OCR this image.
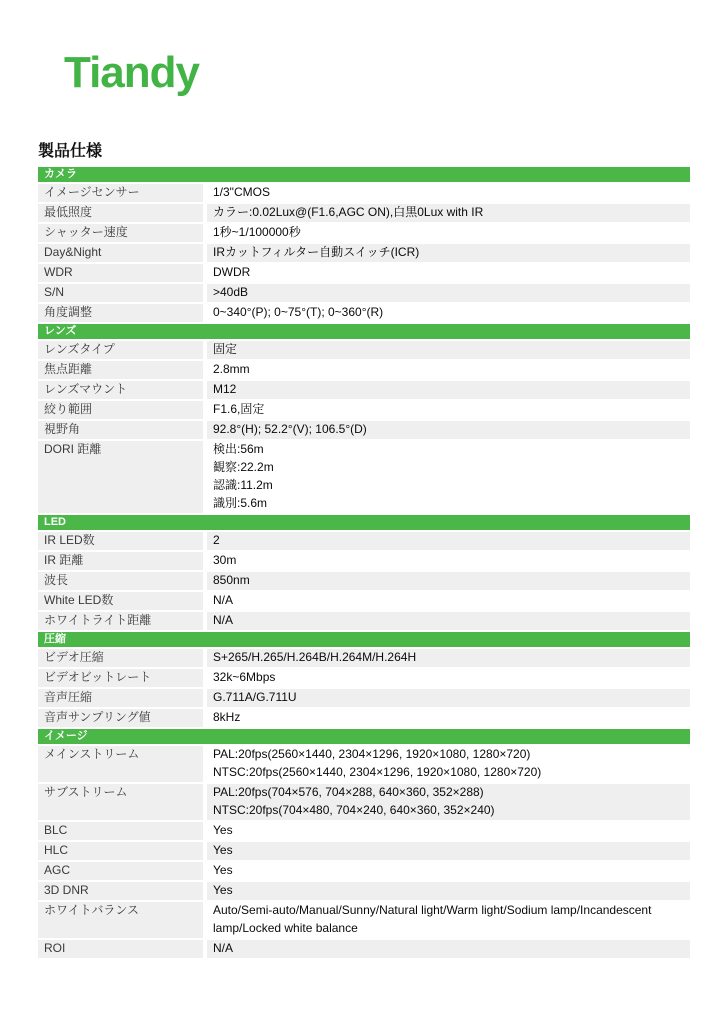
Tiandy
製品仕様
カメラ
イメージセンサー	1/3"CMOS
最低照度	カラー:0.02Lux@(F1.6,AGC ON),白黒0Lux with IR
シャッター速度	1秒~1/100000秒
Day&Night	IRカットフィルター自動スイッチ(ICR)
WDR	DWDR
S/N	>40dB
角度調整	0~340°(P); 0~75°(T); 0~360°(R)
レンズ
レンズタイプ	固定
焦点距離	2.8mm
レンズマウント	M12
絞り範囲	F1.6,固定
視野角	92.8°(H); 52.2°(V); 106.5°(D)
DORI 距離	検出:56m
観察:22.2m
認識:11.2m
識別:5.6m
LED
IR LED数	2
IR 距離	30m
波長	850nm
White LED数	N/A
ホワイトライト距離	N/A
圧縮
ビデオ圧縮	S+265/H.265/H.264B/H.264M/H.264H
ビデオビットレート	32k~6Mbps
音声圧縮	G.711A/G.711U
音声サンプリング値	8kHz
イメージ
メインストリーム	PAL:20fps(2560×1440, 2304×1296, 1920×1080, 1280×720)
NTSC:20fps(2560×1440, 2304×1296, 1920×1080, 1280×720)
サブストリーム	PAL:20fps(704×576, 704×288, 640×360, 352×288)
NTSC:20fps(704×480, 704×240, 640×360, 352×240)
BLC	Yes
HLC	Yes
AGC	Yes
3D DNR	Yes
ホワイトバランス	Auto/Semi-auto/Manual/Sunny/Natural light/Warm light/Sodium lamp/Incandescent
lamp/Locked white balance
ROI	N/A
